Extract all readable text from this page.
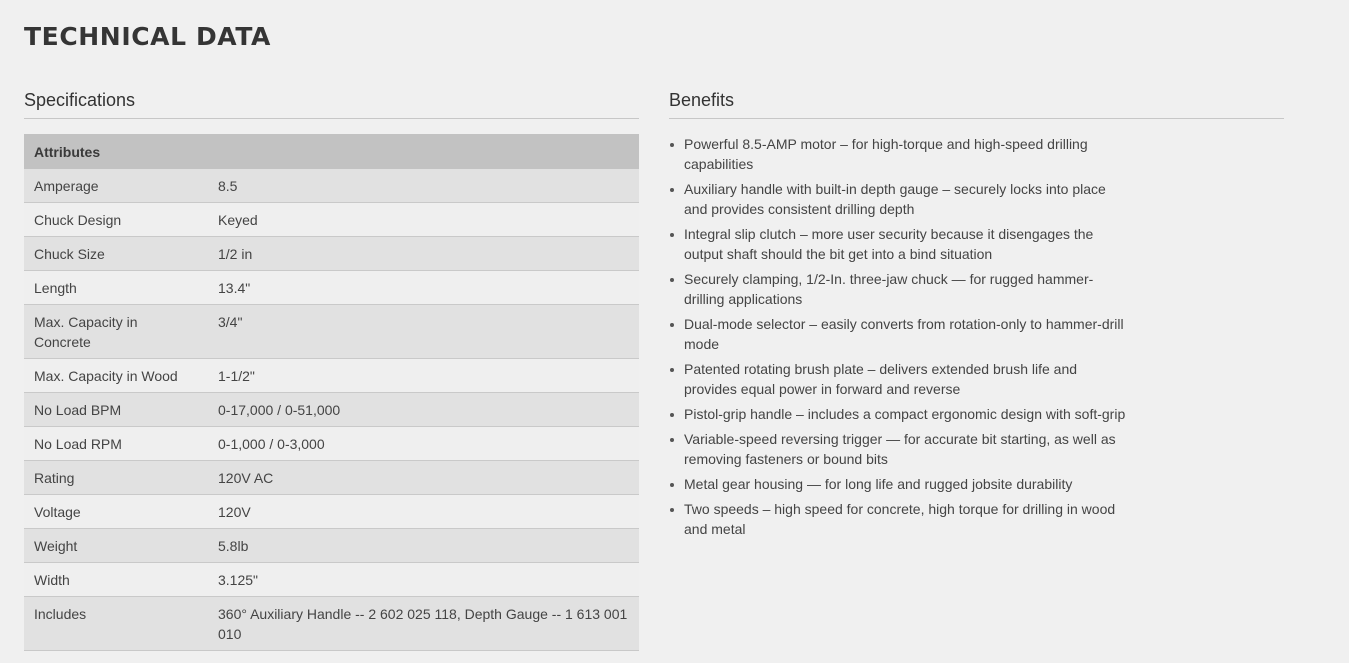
TECHNICAL DATA
Specifications
Attributes	
Amperage	8.5
Chuck Design	Keyed
Chuck Size	1/2 in
Length	13.4"
Max. Capacity in Concrete	3/4"
Max. Capacity in Wood	1-1/2"
No Load BPM	0-17,000 / 0-51,000
No Load RPM	0-1,000 / 0-3,000
Rating	120V AC
Voltage	120V
Weight	5.8lb
Width	3.125"
Includes	360° Auxiliary Handle -- 2 602 025 118, Depth Gauge -- 1 613 001 010
Benefits
Powerful 8.5-AMP motor – for high-torque and high-speed drilling capabilities
Auxiliary handle with built-in depth gauge – securely locks into place and provides consistent drilling depth
Integral slip clutch – more user security because it disengages the output shaft should the bit get into a bind situation
Securely clamping, 1/2-In. three-jaw chuck — for rugged hammer-drilling applications
Dual-mode selector – easily converts from rotation-only to hammer-drill mode
Patented rotating brush plate – delivers extended brush life and provides equal power in forward and reverse
Pistol-grip handle – includes a compact ergonomic design with soft-grip
Variable-speed reversing trigger — for accurate bit starting, as well as removing fasteners or bound bits
Metal gear housing — for long life and rugged jobsite durability
Two speeds – high speed for concrete, high torque for drilling in wood and metal
